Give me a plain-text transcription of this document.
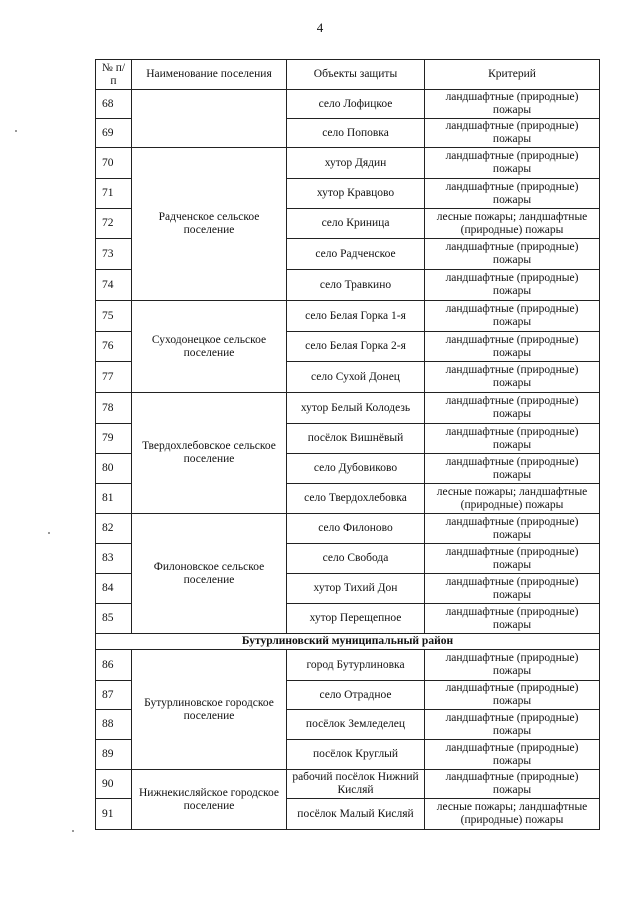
4
№ п/п	Наименование поселения	Объекты защиты	Критерий
68		село Лофицкое	ландшафтные (природные) пожары
69		село Поповка	ландшафтные (природные) пожары
70	Радченское сельское поселение	хутор Дядин	ландшафтные (природные) пожары
71		хутор Кравцово	ландшафтные (природные) пожары
72		село Криница	лесные пожары; ландшафтные (природные) пожары
73		село Радченское	ландшафтные (природные) пожары
74		село Травкино	ландшафтные (природные) пожары
75	Суходонецкое сельское поселение	село Белая Горка 1-я	ландшафтные (природные) пожары
76		село Белая Горка 2-я	ландшафтные (природные) пожары
77		село Сухой Донец	ландшафтные (природные) пожары
78	Твердохлебовское сельское поселение	хутор Белый Колодезь	ландшафтные (природные) пожары
79		посёлок Вишнёвый	ландшафтные (природные) пожары
80		село Дубовиково	ландшафтные (природные) пожары
81		село Твердохлебовка	лесные пожары; ландшафтные (природные) пожары
82	Филоновское сельское поселение	село Филоново	ландшафтные (природные) пожары
83		село Свобода	ландшафтные (природные) пожары
84		хутор Тихий Дон	ландшафтные (природные) пожары
85		хутор Перещепное	ландшафтные (природные) пожары
Бутурлиновский муниципальный район			
86	Бутурлиновское городское поселение	город Бутурлиновка	ландшафтные (природные) пожары
87		село Отрадное	ландшафтные (природные) пожары
88		посёлок Земледелец	ландшафтные (природные) пожары
89		посёлок Круглый	ландшафтные (природные) пожары
90	Нижнекисляйское городское поселение	рабочий посёлок Нижний Кисляй	ландшафтные (природные) пожары
91		посёлок Малый Кисляй	лесные пожары; ландшафтные (природные) пожары
